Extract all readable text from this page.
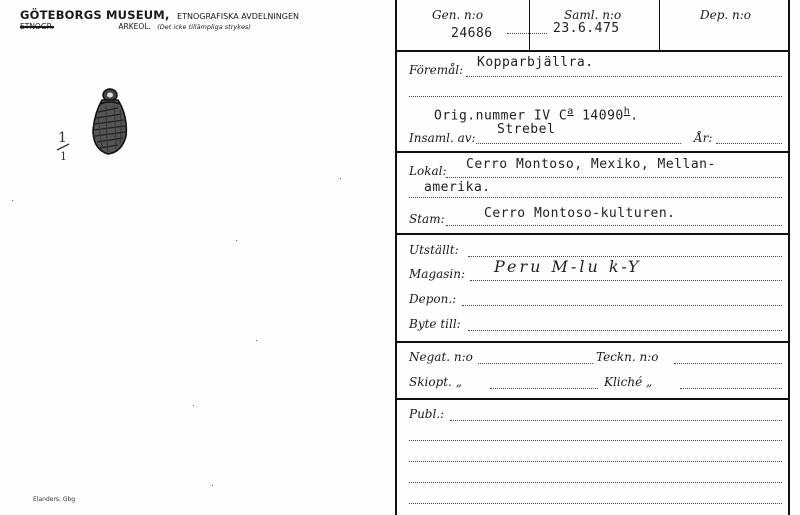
GÖTEBORGS MUSEUM, ETNOGRAFISKA AVDELNINGEN
ETNOGR.	ARKEOL. (Det icke tillämpliga strykes)
1
1
Elanders, Gbg
Gen. n:o
24686
Saml. n:o
23.6.475
Dep. n:o
Föremål: Kopparbjällra.
Orig.nummer IV $C^a$ 14090$^h$.
Insaml. av:
Strebel
År:
Lokal: Cerro Montoso, Mexiko, Mellan-
amerika.
Stam:	Cerro Montoso-kulturen.
Utställt:
Magasin: Peru M-lu k-Y
Depon.:
Byte till:
Negat. n:o	Teckn. n:o
Skiopt. „	Kliché „
Publ.:
